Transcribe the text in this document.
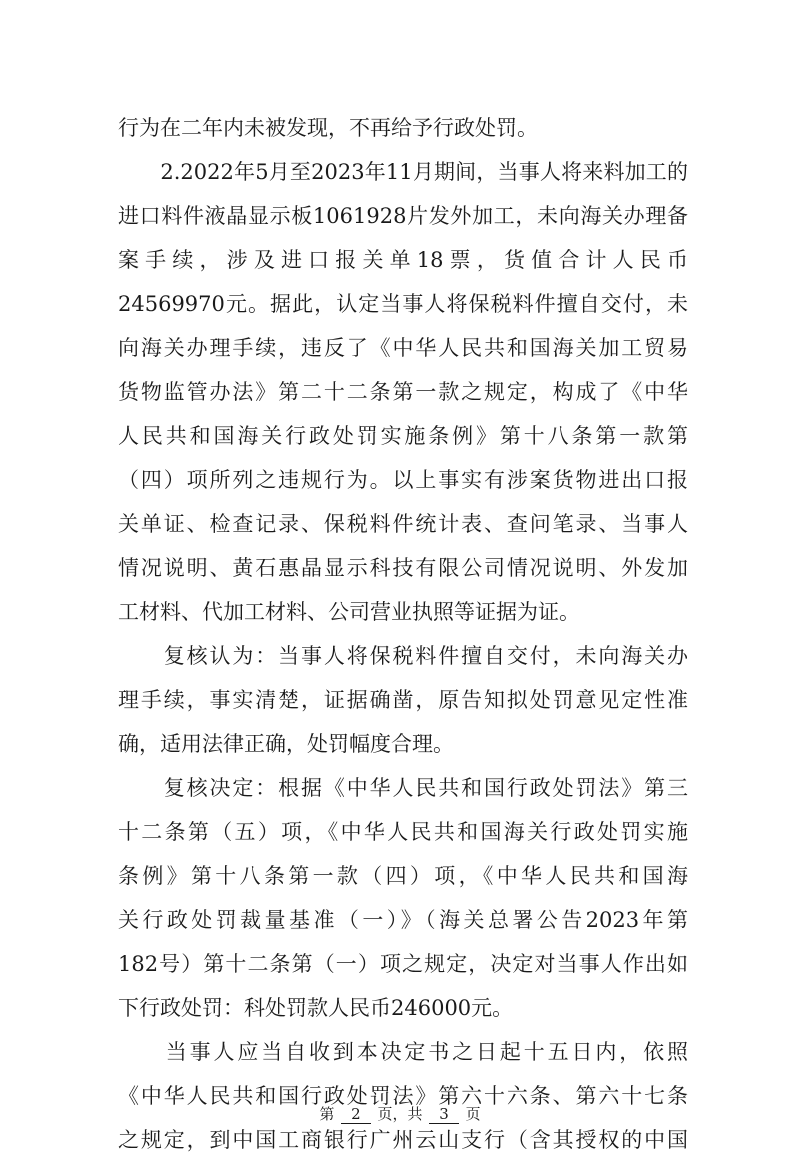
行为在二年内未被发现，不再给予行政处罚。
　　2.2022年5月至2023年11月期间，当事人将来料加工的
进口料件液晶显示板1061928片发外加工，未向海关办理备
案手续，涉及进口报关单18票，货值合计人民币
24569970元。据此，认定当事人将保税料件擅自交付，未
向海关办理手续，违反了《中华人民共和国海关加工贸易
货物监管办法》第二十二条第一款之规定，构成了《中华
人民共和国海关行政处罚实施条例》第十八条第一款第
（四）项所列之违规行为。以上事实有涉案货物进出口报
关单证、检查记录、保税料件统计表、查问笔录、当事人
情况说明、黄石惠晶显示科技有限公司情况说明、外发加
工材料、代加工材料、公司营业执照等证据为证。
　　复核认为：当事人将保税料件擅自交付，未向海关办
理手续，事实清楚，证据确凿，原告知拟处罚意见定性准
确，适用法律正确，处罚幅度合理。
　　复核决定：根据《中华人民共和国行政处罚法》第三
十二条第（五）项，《中华人民共和国海关行政处罚实施
条例》第十八条第一款（四）项，《中华人民共和国海
关行政处罚裁量基准（一）》（海关总署公告2023年第
182号）第十二条第（一）项之规定，决定对当事人作出如
下行政处罚：科处罚款人民币246000元。
　　当事人应当自收到本决定书之日起十五日内，依照
《中华人民共和国行政处罚法》第六十六条、第六十七条
之规定，到中国工商银行广州云山支行（含其授权的中国
第 2 页，共 3 页
